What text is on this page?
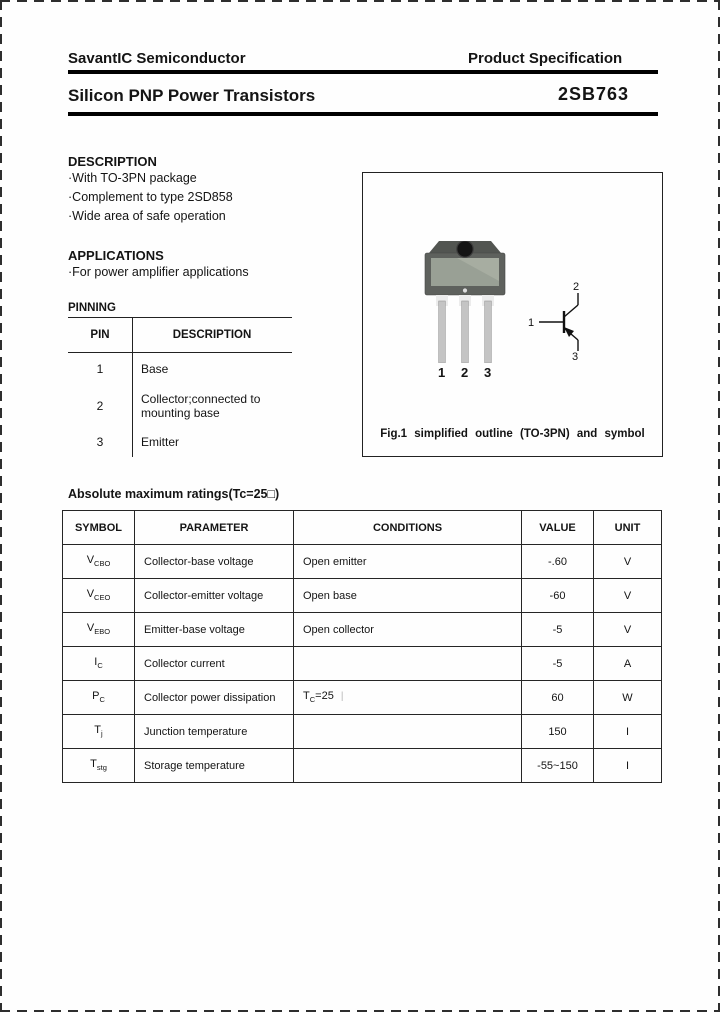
SavantIC Semiconductor	Product Specification
Silicon PNP Power Transistors	2SB763
DESCRIPTION
·With TO-3PN package
·Complement to type 2SD858
·Wide area of safe operation
APPLICATIONS
·For power amplifier applications
PINNING
PIN	DESCRIPTION
1	Base
2	Collector;connected to mounting base
3	Emitter
1 2 3
1
2
3
Fig.1 simplified outline (TO-3PN) and symbol
Absolute maximum ratings(Tc=25□)
SYMBOL	PARAMETER	CONDITIONS	VALUE	UNIT
$V_{CBO}$	Collector-base voltage	Open emitter	-.60	V
$V_{CEO}$	Collector-emitter voltage	Open base	-60	V
$V_{EBO}$	Emitter-base voltage	Open collector	-5	V
$I_C$	Collector current		-5	A
$P_C$	Collector power dissipation	$T_C=25$ |	60	W
$T_j$	Junction temperature		150	I
$T_{stg}$	Storage temperature		-55~150	I
